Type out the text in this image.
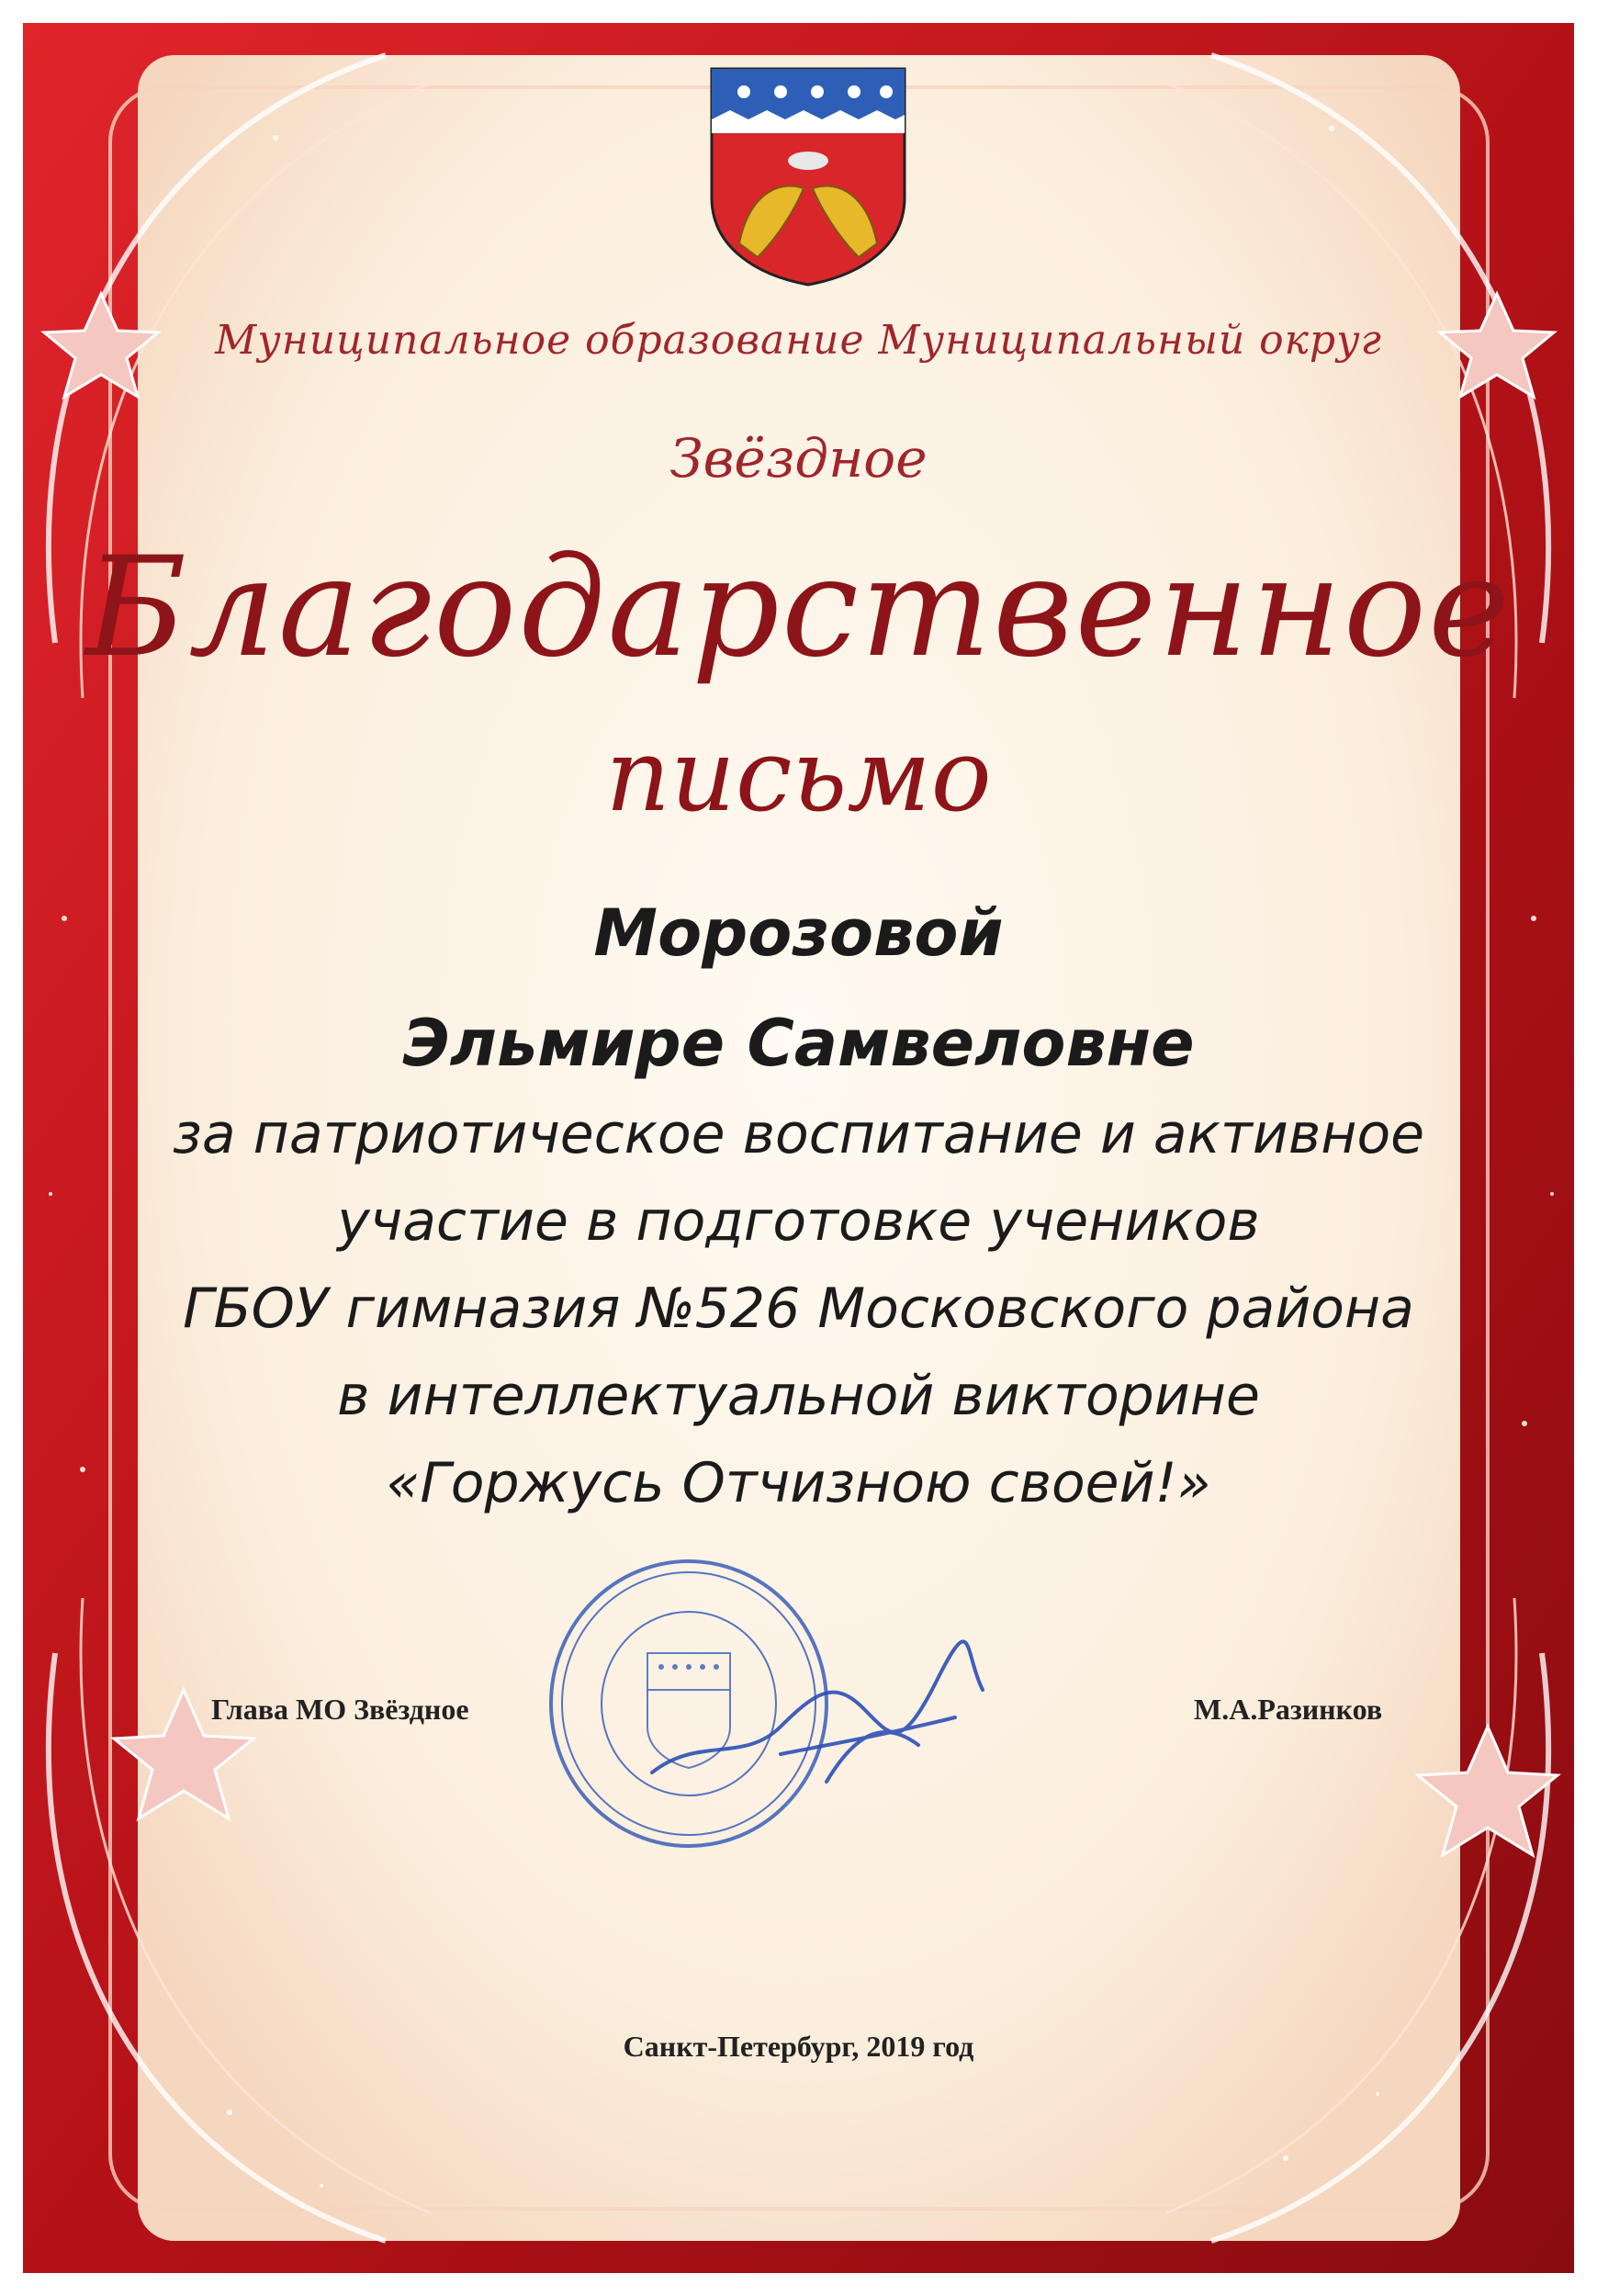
Муниципальное образование Муниципальный округ
Звёздное
Благодарственное
письмо
Морозовой
Эльмире Самвеловне
за патриотическое воспитание и активное
участие в подготовке учеников
ГБОУ гимназия №526 Московского района
в интеллектуальной викторине
«Горжусь Отчизною своей!»
Глава МО Звёздное	М.А.Разинков
Санкт-Петербург, 2019 год
